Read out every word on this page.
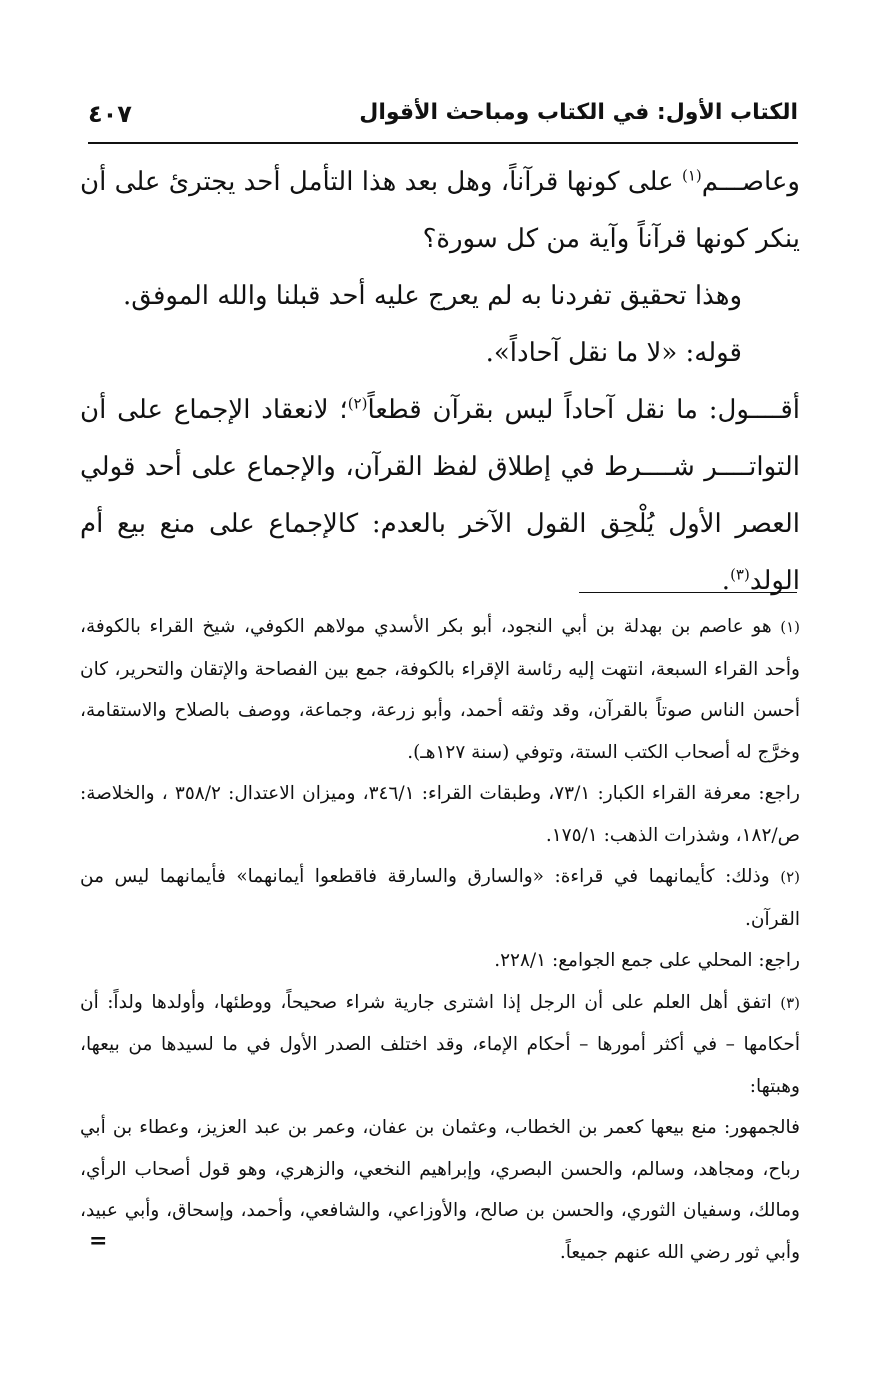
الكتاب الأول: في الكتاب ومباحث الأقوال
٤٠٧

وعاصـــم$^{(١)}$ على كونها قرآناً، وهل بعد هذا التأمل أحد يجترئ على أن ينكر كونها قرآناً وآية من كل سورة؟

وهذا تحقيق تفردنا به لم يعرج عليه أحد قبلنا والله الموفق.

قوله: «لا ما نقل آحاداً».

أقــــول: ما نقل آحاداً ليس بقرآن قطعاً$^{(٢)}$؛ لانعقاد الإجماع على أن التواتــــر شــــرط في إطلاق لفظ القرآن، والإجماع على أحد قولي العصر الأول يُلْحِق القول الآخر بالعدم: كالإجماع على منع بيع أم الولد$^{(٣)}$.

(١) هو عاصم بن بهدلة بن أبي النجود، أبو بكر الأسدي مولاهم الكوفي، شيخ القراء بالكوفة، وأحد القراء السبعة، انتهت إليه رئاسة الإقراء بالكوفة، جمع بين الفصاحة والإتقان والتحرير، كان أحسن الناس صوتاً بالقرآن، وقد وثقه أحمد، وأبو زرعة، وجماعة، ووصف بالصلاح والاستقامة، وخرَّج له أصحاب الكتب الستة، وتوفي (سنة ١٢٧هـ).

راجع: معرفة القراء الكبار: ٧٣/١، وطبقات القراء: ٣٤٦/١، وميزان الاعتدال: ٣٥٨/٢ ، والخلاصة: ص/١٨٢، وشذرات الذهب: ١٧٥/١.

(٢) وذلك: كأيمانهما في قراءة: «والسارق والسارقة فاقطعوا أيمانهما» فأيمانهما ليس من القرآن.

راجع: المحلي على جمع الجوامع: ٢٢٨/١.

(٣) اتفق أهل العلم على أن الرجل إذا اشترى جارية شراء صحيحاً، ووطئها، وأولدها ولداً: أن أحكامها – في أكثر أمورها – أحكام الإماء، وقد اختلف الصدر الأول في ما لسيدها من بيعها، وهبتها:

فالجمهور: منع بيعها كعمر بن الخطاب، وعثمان بن عفان، وعمر بن عبد العزيز، وعطاء بن أبي رباح، ومجاهد، وسالم، والحسن البصري، وإبراهيم النخعي، والزهري، وهو قول أصحاب الرأي، ومالك، وسفيان الثوري، والحسن بن صالح، والأوزاعي، والشافعي، وأحمد، وإسحاق، وأبي عبيد، وأبي ثور رضي الله عنهم جميعاً.

=
